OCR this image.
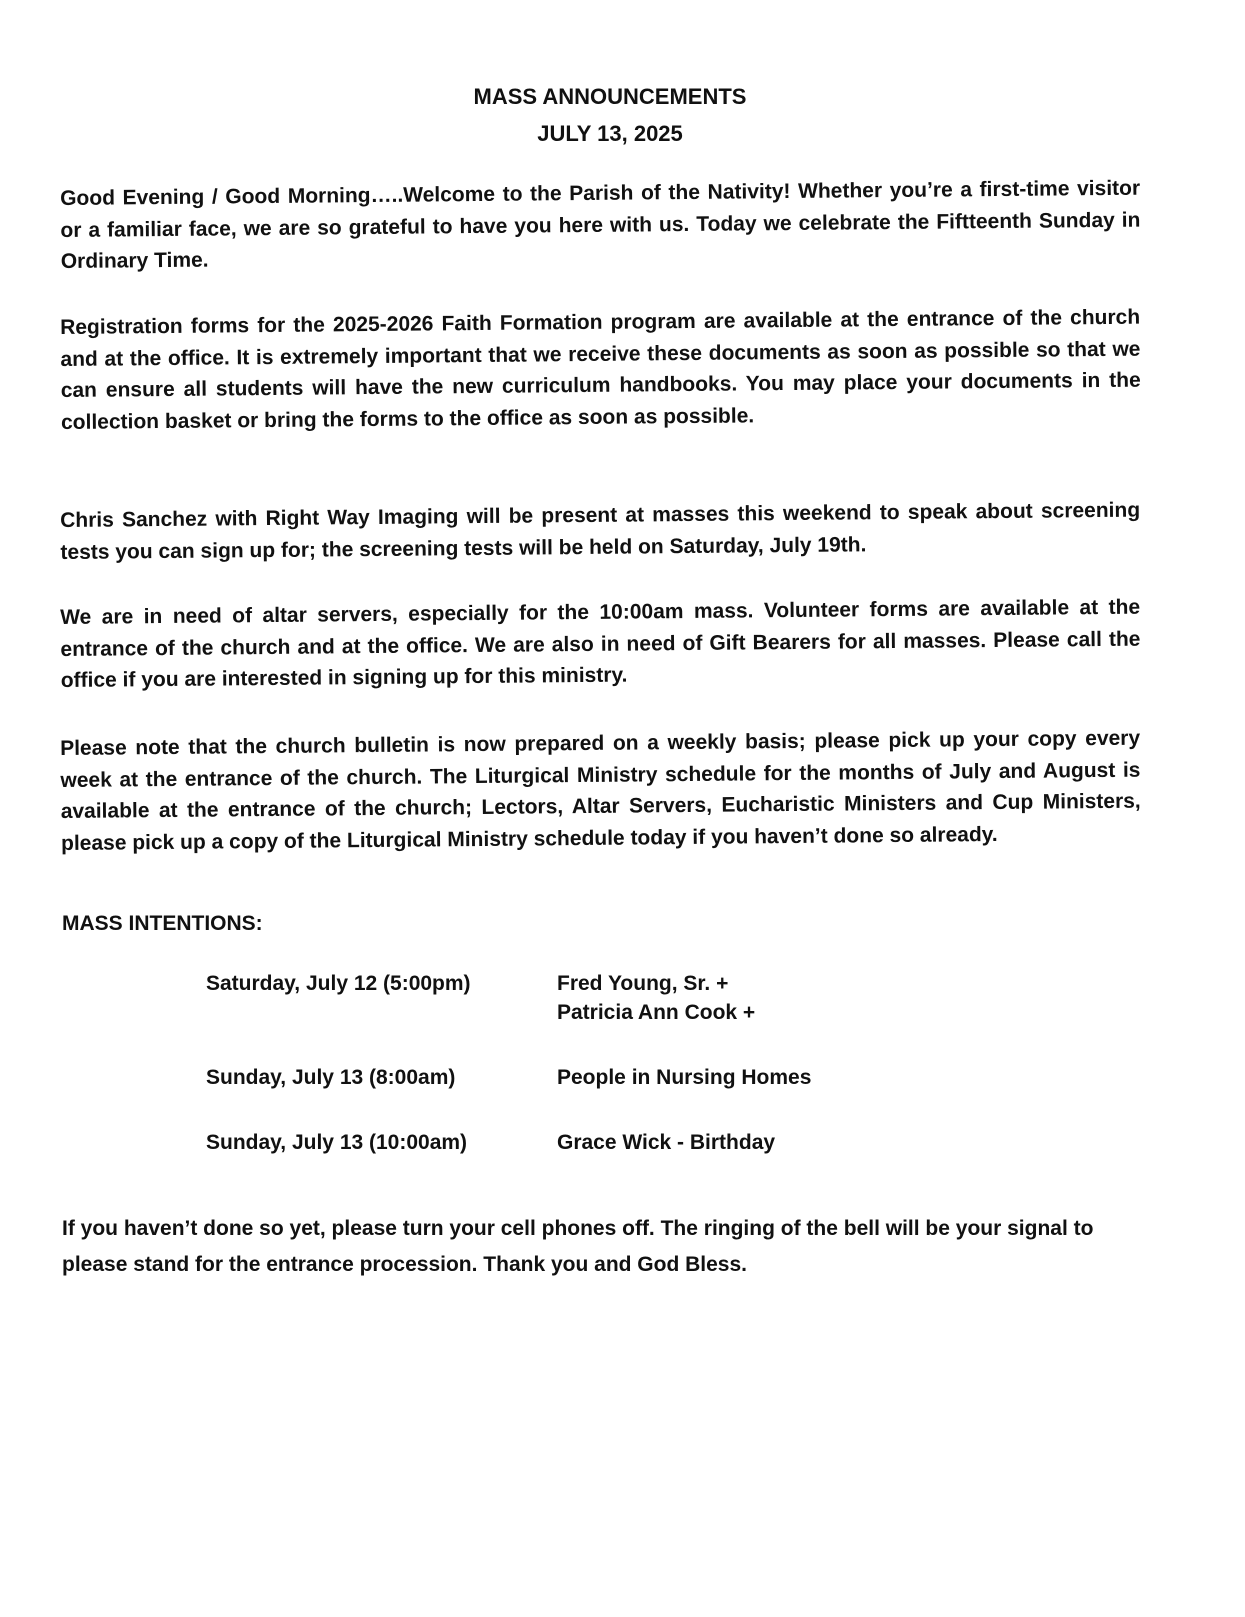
MASS ANNOUNCEMENTS
JULY 13, 2025
Good Evening / Good Morning…..Welcome to the Parish of the Nativity! Whether you’re a first-time visitor or a familiar face, we are so grateful to have you here with us. Today we celebrate the Fiftteenth Sunday in Ordinary Time.
Registration forms for the 2025-2026 Faith Formation program are available at the entrance of the church and at the office. It is extremely important that we receive these documents as soon as possible so that we can ensure all students will have the new curriculum handbooks. You may place your documents in the collection basket or bring the forms to the office as soon as possible.
Chris Sanchez with Right Way Imaging will be present at masses this weekend to speak about screening tests you can sign up for; the screening tests will be held on Saturday, July 19th.
We are in need of altar servers, especially for the 10:00am mass. Volunteer forms are available at the entrance of the church and at the office. We are also in need of Gift Bearers for all masses. Please call the office if you are interested in signing up for this ministry.
Please note that the church bulletin is now prepared on a weekly basis; please pick up your copy every week at the entrance of the church. The Liturgical Ministry schedule for the months of July and August is available at the entrance of the church; Lectors, Altar Servers, Eucharistic Ministers and Cup Ministers, please pick up a copy of the Liturgical Ministry schedule today if you haven’t done so already.
MASS INTENTIONS:
Saturday, July 12 (5:00pm)	Fred Young, Sr. +
Patricia Ann Cook +
Sunday, July 13 (8:00am)	People in Nursing Homes
Sunday, July 13 (10:00am)	Grace Wick - Birthday
If you haven’t done so yet, please turn your cell phones off. The ringing of the bell will be your signal to please stand for the entrance procession. Thank you and God Bless.
